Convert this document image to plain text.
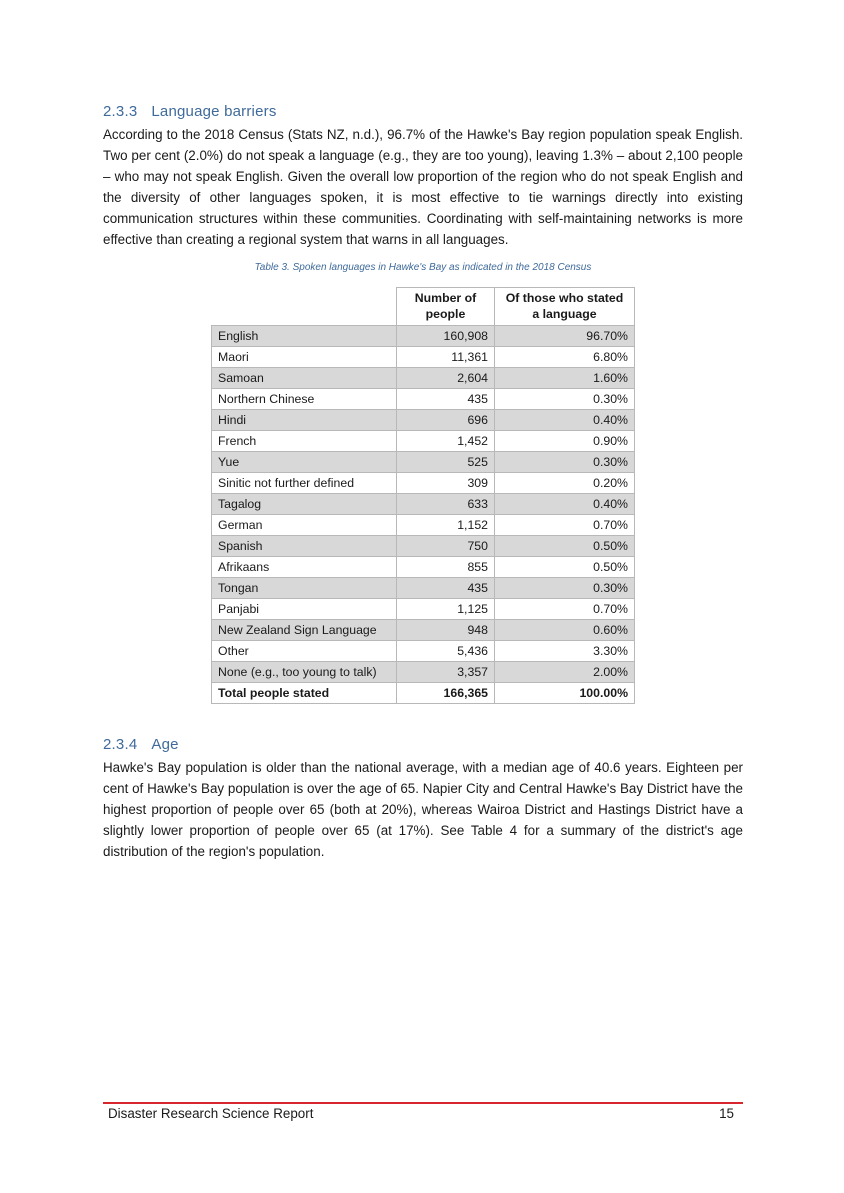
2.3.3 Language barriers

According to the 2018 Census (Stats NZ, n.d.), 96.7% of the Hawke's Bay region population speak English. Two per cent (2.0%) do not speak a language (e.g., they are too young), leaving 1.3% – about 2,100 people – who may not speak English. Given the overall low proportion of the region who do not speak English and the diversity of other languages spoken, it is most effective to tie warnings directly into existing communication structures within these communities. Coordinating with self-maintaining networks is more effective than creating a regional system that warns in all languages.

Table 3. Spoken languages in Hawke's Bay as indicated in the 2018 Census

	Number of people	Of those who stated a language
English	160,908	96.70%
Maori	11,361	6.80%
Samoan	2,604	1.60%
Northern Chinese	435	0.30%
Hindi	696	0.40%
French	1,452	0.90%
Yue	525	0.30%
Sinitic not further defined	309	0.20%
Tagalog	633	0.40%
German	1,152	0.70%
Spanish	750	0.50%
Afrikaans	855	0.50%
Tongan	435	0.30%
Panjabi	1,125	0.70%
New Zealand Sign Language	948	0.60%
Other	5,436	3.30%
None (e.g., too young to talk)	3,357	2.00%
Total people stated	166,365	100.00%
2.3.4 Age

Hawke's Bay population is older than the national average, with a median age of 40.6 years. Eighteen per cent of Hawke's Bay population is over the age of 65. Napier City and Central Hawke's Bay District have the highest proportion of people over 65 (both at 20%), whereas Wairoa District and Hastings District have a slightly lower proportion of people over 65 (at 17%). See Table 4 for a summary of the district's age distribution of the region's population.

Disaster Research Science Report	15
